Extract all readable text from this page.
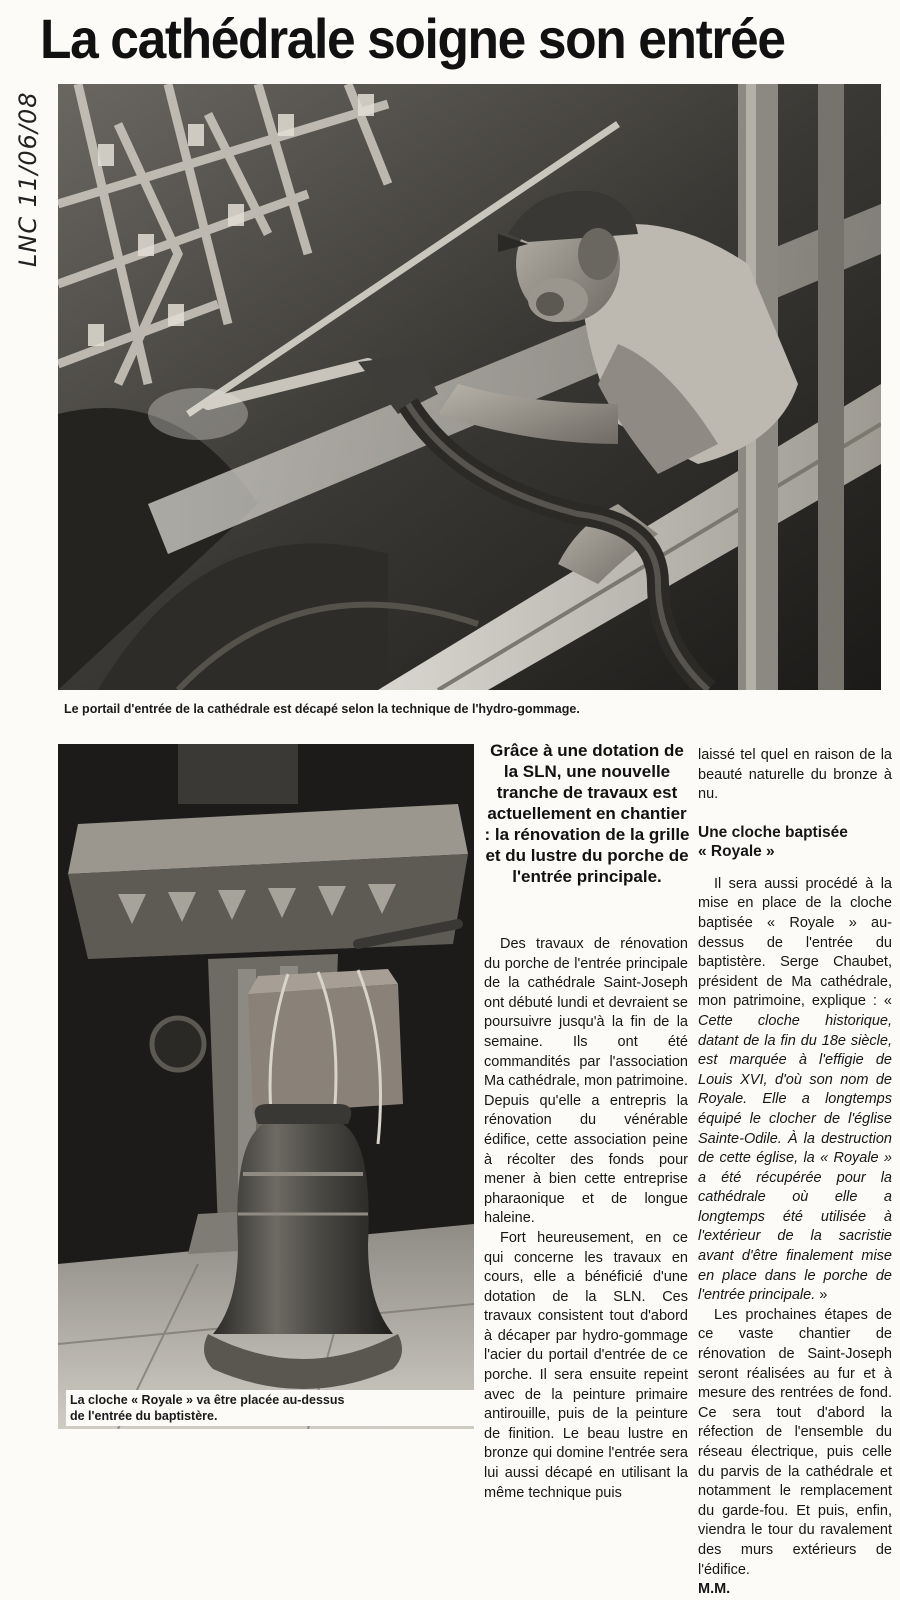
La cathédrale soigne son entrée
LNC 11/06/08
Le portail d'entrée de la cathédrale est décapé selon la technique de l'hydro-gommage.
La cloche « Royale » va être placée au-dessus
de l'entrée du baptistère.
Grâce à une dotation de la SLN, une nouvelle tranche de travaux est actuellement en chantier : la rénovation de la grille et du lustre du porche de l'entrée principale.

Des travaux de rénovation du porche de l'entrée principale de la cathédrale Saint-Joseph ont débuté lundi et devraient se poursuivre jusqu'à la fin de la semaine. Ils ont été commandités par l'association Ma cathédrale, mon patrimoine. Depuis qu'elle a entrepris la rénovation du vénérable édifice, cette association peine à récolter des fonds pour mener à bien cette entreprise pharaonique et de longue haleine.

Fort heureusement, en ce qui concerne les travaux en cours, elle a bénéficié d'une dotation de la SLN. Ces travaux consistent tout d'abord à décaper par hydro-gommage l'acier du portail d'entrée de ce porche. Il sera ensuite repeint avec de la peinture primaire antirouille, puis de la peinture de finition. Le beau lustre en bronze qui domine l'entrée sera lui aussi décapé en utilisant la même technique puis

laissé tel quel en raison de la beauté naturelle du bronze à nu.

Une cloche baptisée
« Royale »

Il sera aussi procédé à la mise en place de la cloche baptisée « Royale » au-dessus de l'entrée du baptistère. Serge Chaubet, président de Ma cathédrale, mon patrimoine, explique : « Cette cloche historique, datant de la fin du 18e siècle, est marquée à l'effigie de Louis XVI, d'où son nom de Royale. Elle a longtemps équipé le clocher de l'église Sainte-Odile. À la destruction de cette église, la « Royale » a été récupérée pour la cathédrale où elle a longtemps été utilisée à l'extérieur de la sacristie avant d'être finalement mise en place dans le porche de l'entrée principale. »

Les prochaines étapes de ce vaste chantier de rénovation de Saint-Joseph seront réalisées au fur et à mesure des rentrées de fond. Ce sera tout d'abord la réfection de l'ensemble du réseau électrique, puis celle du parvis de la cathédrale et notamment le remplacement du garde-fou. Et puis, enfin, viendra le tour du ravalement des murs extérieurs de l'édifice.

M.M.
